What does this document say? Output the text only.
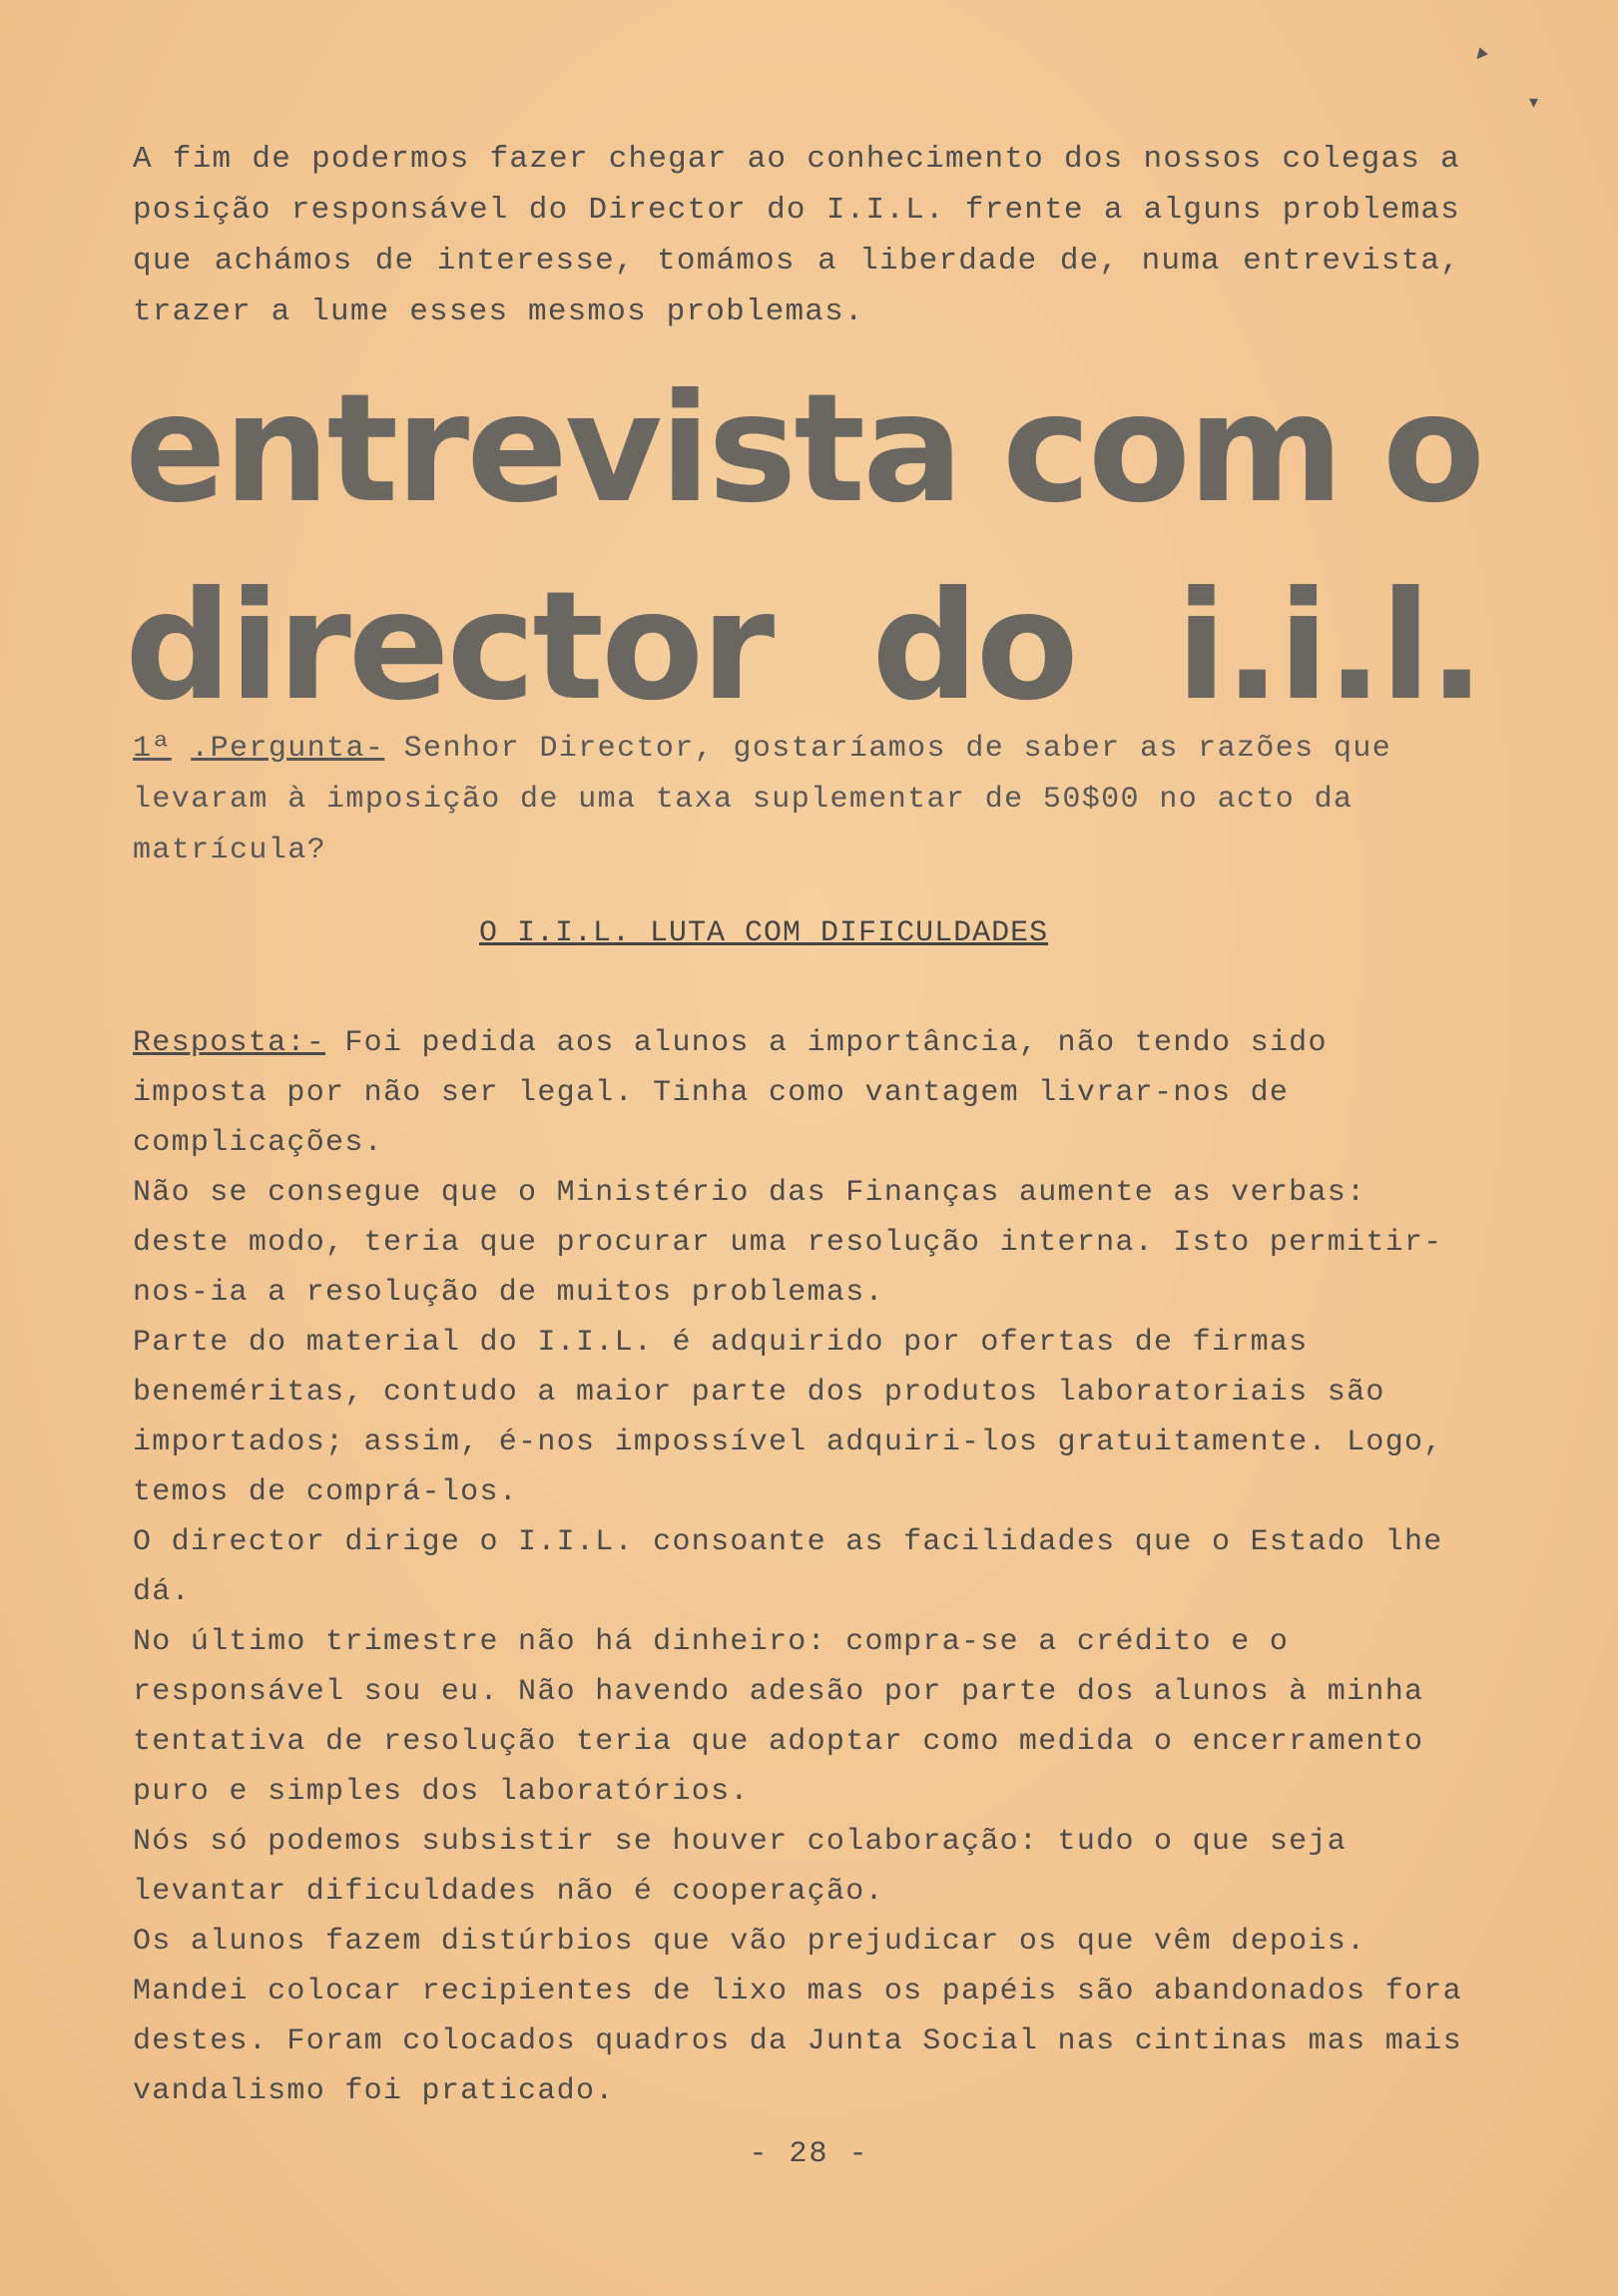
A fim de podermos fazer chegar ao conhecimento dos nossos colegas a posição responsável do Director do I.I.L. frente a alguns problemas que achámos de interesse, tomámos a liberdade de, numa entrevista, trazer a lume esses mesmos problemas.
entrevista com o
director do i.i.l.
1ª .Pergunta- Senhor Director, gostaríamos de saber as razões que levaram à imposição de uma taxa suplementar de 50$00 no acto da matrícula?
O I.I.L. LUTA COM DIFICULDADES

Resposta:- Foi pedida aos alunos a importância, não tendo sido imposta por não ser legal. Tinha como vantagem livrar-nos de complicações.

Não se consegue que o Ministério das Finanças aumente as verbas: deste modo, teria que procurar uma resolução interna. Isto permitir-nos-ia a resolução de muitos problemas.

Parte do material do I.I.L. é adquirido por ofertas de firmas beneméritas, contudo a maior parte dos produtos laboratoriais são importados; assim, é-nos impossível adquiri-los gratuitamente. Logo, temos de comprá-los.

O director dirige o I.I.L. consoante as facilidades que o Estado lhe dá.

No último trimestre não há dinheiro: compra-se a crédito e o responsável sou eu. Não havendo adesão por parte dos alunos à minha tentativa de resolução teria que adoptar como medida o encerramento puro e simples dos laboratórios.

Nós só podemos subsistir se houver colaboração: tudo o que seja levantar dificuldades não é cooperação.

Os alunos fazem distúrbios que vão prejudicar os que vêm depois. Mandei colocar recipientes de lixo mas os papéis são abandonados fora destes. Foram colocados quadros da Junta Social nas cintinas mas mais vandalismo foi praticado.

- 28 -
▾
▾
